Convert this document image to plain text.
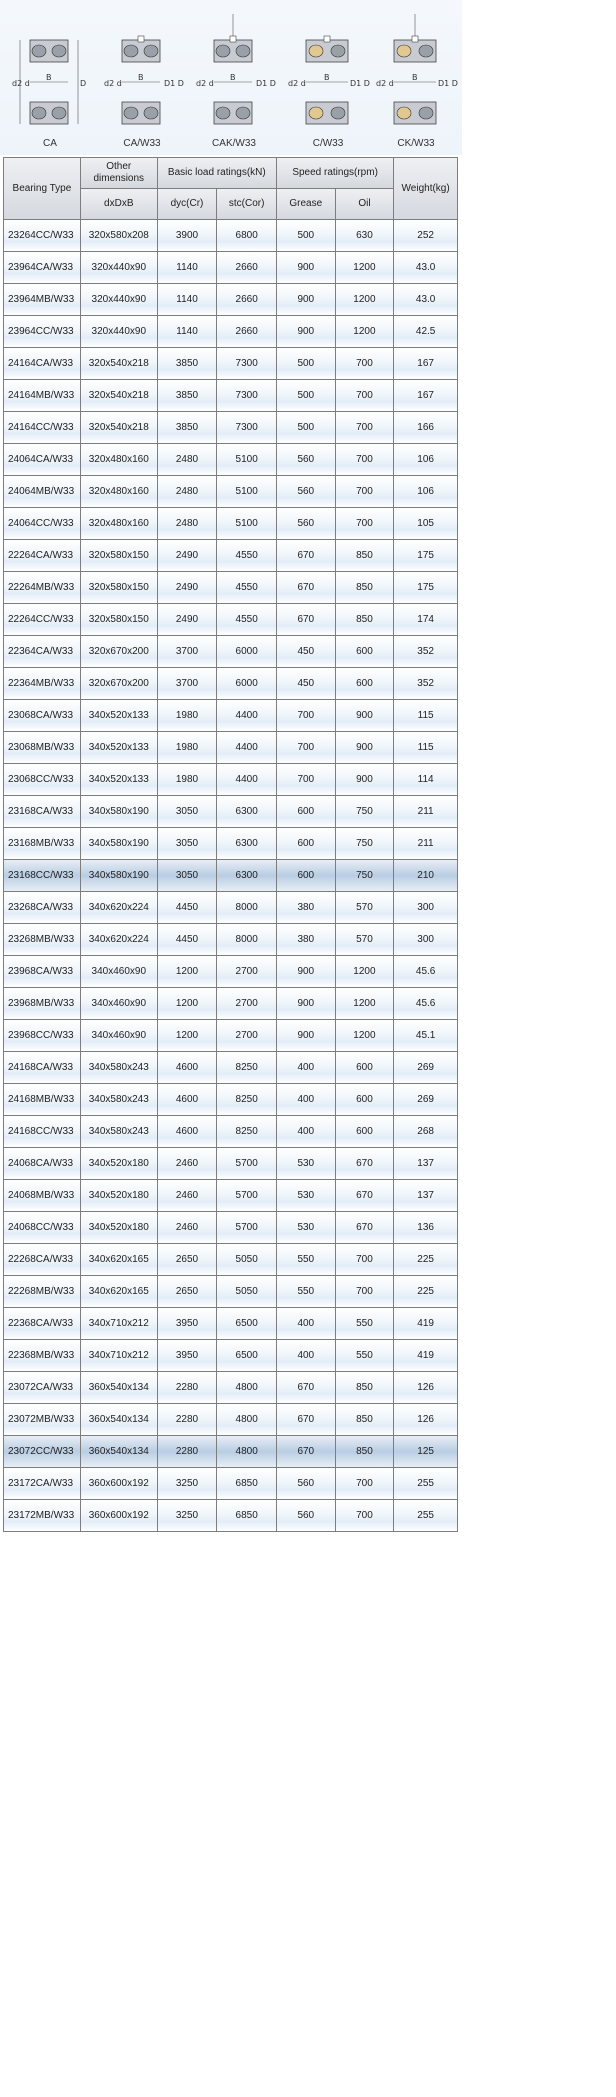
d2 d	D
B
CA
d2 d	D1 D
B
CA/W33
d2 d	D1 D
B
CAK/W33
d2 d	D1 D
B
C/W33
d2 d	D1 D
B
CK/W33
Bearing Type	Other dimensions	Basic load ratings(kN)		Speed ratings(rpm)		Weight(kg)
	dxDxB	dyc(Cr)	stc(Cor)	Grease	Oil	
23264CC/W33	320x580x208	3900	6800	500	630	252
23964CA/W33	320x440x90	1140	2660	900	1200	43.0
23964MB/W33	320x440x90	1140	2660	900	1200	43.0
23964CC/W33	320x440x90	1140	2660	900	1200	42.5
24164CA/W33	320x540x218	3850	7300	500	700	167
24164MB/W33	320x540x218	3850	7300	500	700	167
24164CC/W33	320x540x218	3850	7300	500	700	166
24064CA/W33	320x480x160	2480	5100	560	700	106
24064MB/W33	320x480x160	2480	5100	560	700	106
24064CC/W33	320x480x160	2480	5100	560	700	105
22264CA/W33	320x580x150	2490	4550	670	850	175
22264MB/W33	320x580x150	2490	4550	670	850	175
22264CC/W33	320x580x150	2490	4550	670	850	174
22364CA/W33	320x670x200	3700	6000	450	600	352
22364MB/W33	320x670x200	3700	6000	450	600	352
23068CA/W33	340x520x133	1980	4400	700	900	115
23068MB/W33	340x520x133	1980	4400	700	900	115
23068CC/W33	340x520x133	1980	4400	700	900	114
23168CA/W33	340x580x190	3050	6300	600	750	211
23168MB/W33	340x580x190	3050	6300	600	750	211
23168CC/W33	340x580x190	3050	6300	600	750	210
23268CA/W33	340x620x224	4450	8000	380	570	300
23268MB/W33	340x620x224	4450	8000	380	570	300
23968CA/W33	340x460x90	1200	2700	900	1200	45.6
23968MB/W33	340x460x90	1200	2700	900	1200	45.6
23968CC/W33	340x460x90	1200	2700	900	1200	45.1
24168CA/W33	340x580x243	4600	8250	400	600	269
24168MB/W33	340x580x243	4600	8250	400	600	269
24168CC/W33	340x580x243	4600	8250	400	600	268
24068CA/W33	340x520x180	2460	5700	530	670	137
24068MB/W33	340x520x180	2460	5700	530	670	137
24068CC/W33	340x520x180	2460	5700	530	670	136
22268CA/W33	340x620x165	2650	5050	550	700	225
22268MB/W33	340x620x165	2650	5050	550	700	225
22368CA/W33	340x710x212	3950	6500	400	550	419
22368MB/W33	340x710x212	3950	6500	400	550	419
23072CA/W33	360x540x134	2280	4800	670	850	126
23072MB/W33	360x540x134	2280	4800	670	850	126
23072CC/W33	360x540x134	2280	4800	670	850	125
23172CA/W33	360x600x192	3250	6850	560	700	255
23172MB/W33	360x600x192	3250	6850	560	700	255
